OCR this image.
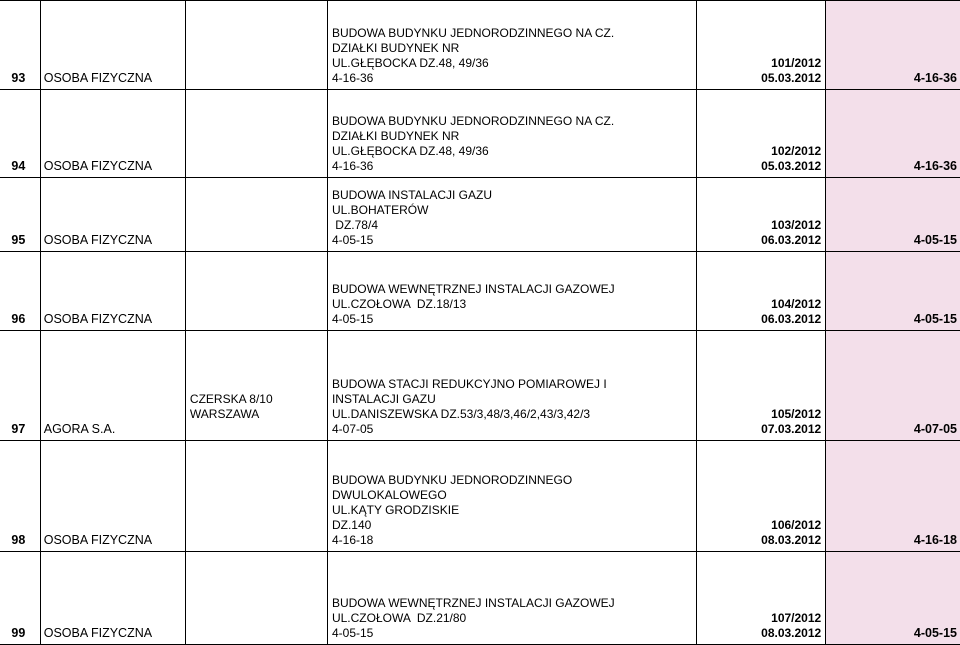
93	OSOBA FIZYCZNA		BUDOWA BUDYNKU JEDNORODZINNEGO NA CZ.
DZIAŁKI BUDYNEK NR
UL.GŁĘBOCKA DZ.48, 49/36
4-16-36	101/2012
05.03.2012	4-16-36
94	OSOBA FIZYCZNA		BUDOWA BUDYNKU JEDNORODZINNEGO NA CZ.
DZIAŁKI BUDYNEK NR
UL.GŁĘBOCKA DZ.48, 49/36
4-16-36	102/2012
05.03.2012	4-16-36
95	OSOBA FIZYCZNA		BUDOWA INSTALACJI GAZU
UL.BOHATERÓW
DZ.78/4
4-05-15	103/2012
06.03.2012	4-05-15
96	OSOBA FIZYCZNA		BUDOWA WEWNĘTRZNEJ INSTALACJI GAZOWEJ
UL.CZOŁOWA  DZ.18/13
4-05-15	104/2012
06.03.2012	4-05-15
97	AGORA S.A.	CZERSKA 8/10
WARSZAWA	BUDOWA STACJI REDUKCYJNO POMIAROWEJ I
INSTALACJI GAZU
UL.DANISZEWSKA DZ.53/3,48/3,46/2,43/3,42/3
4-07-05	105/2012
07.03.2012	4-07-05
98	OSOBA FIZYCZNA		BUDOWA BUDYNKU JEDNORODZINNEGO
DWULOKALOWEGO
UL.KĄTY GRODZISKIE
DZ.140
4-16-18	106/2012
08.03.2012	4-16-18
99	OSOBA FIZYCZNA		BUDOWA WEWNĘTRZNEJ INSTALACJI GAZOWEJ
UL.CZOŁOWA  DZ.21/80
4-05-15	107/2012
08.03.2012	4-05-15
